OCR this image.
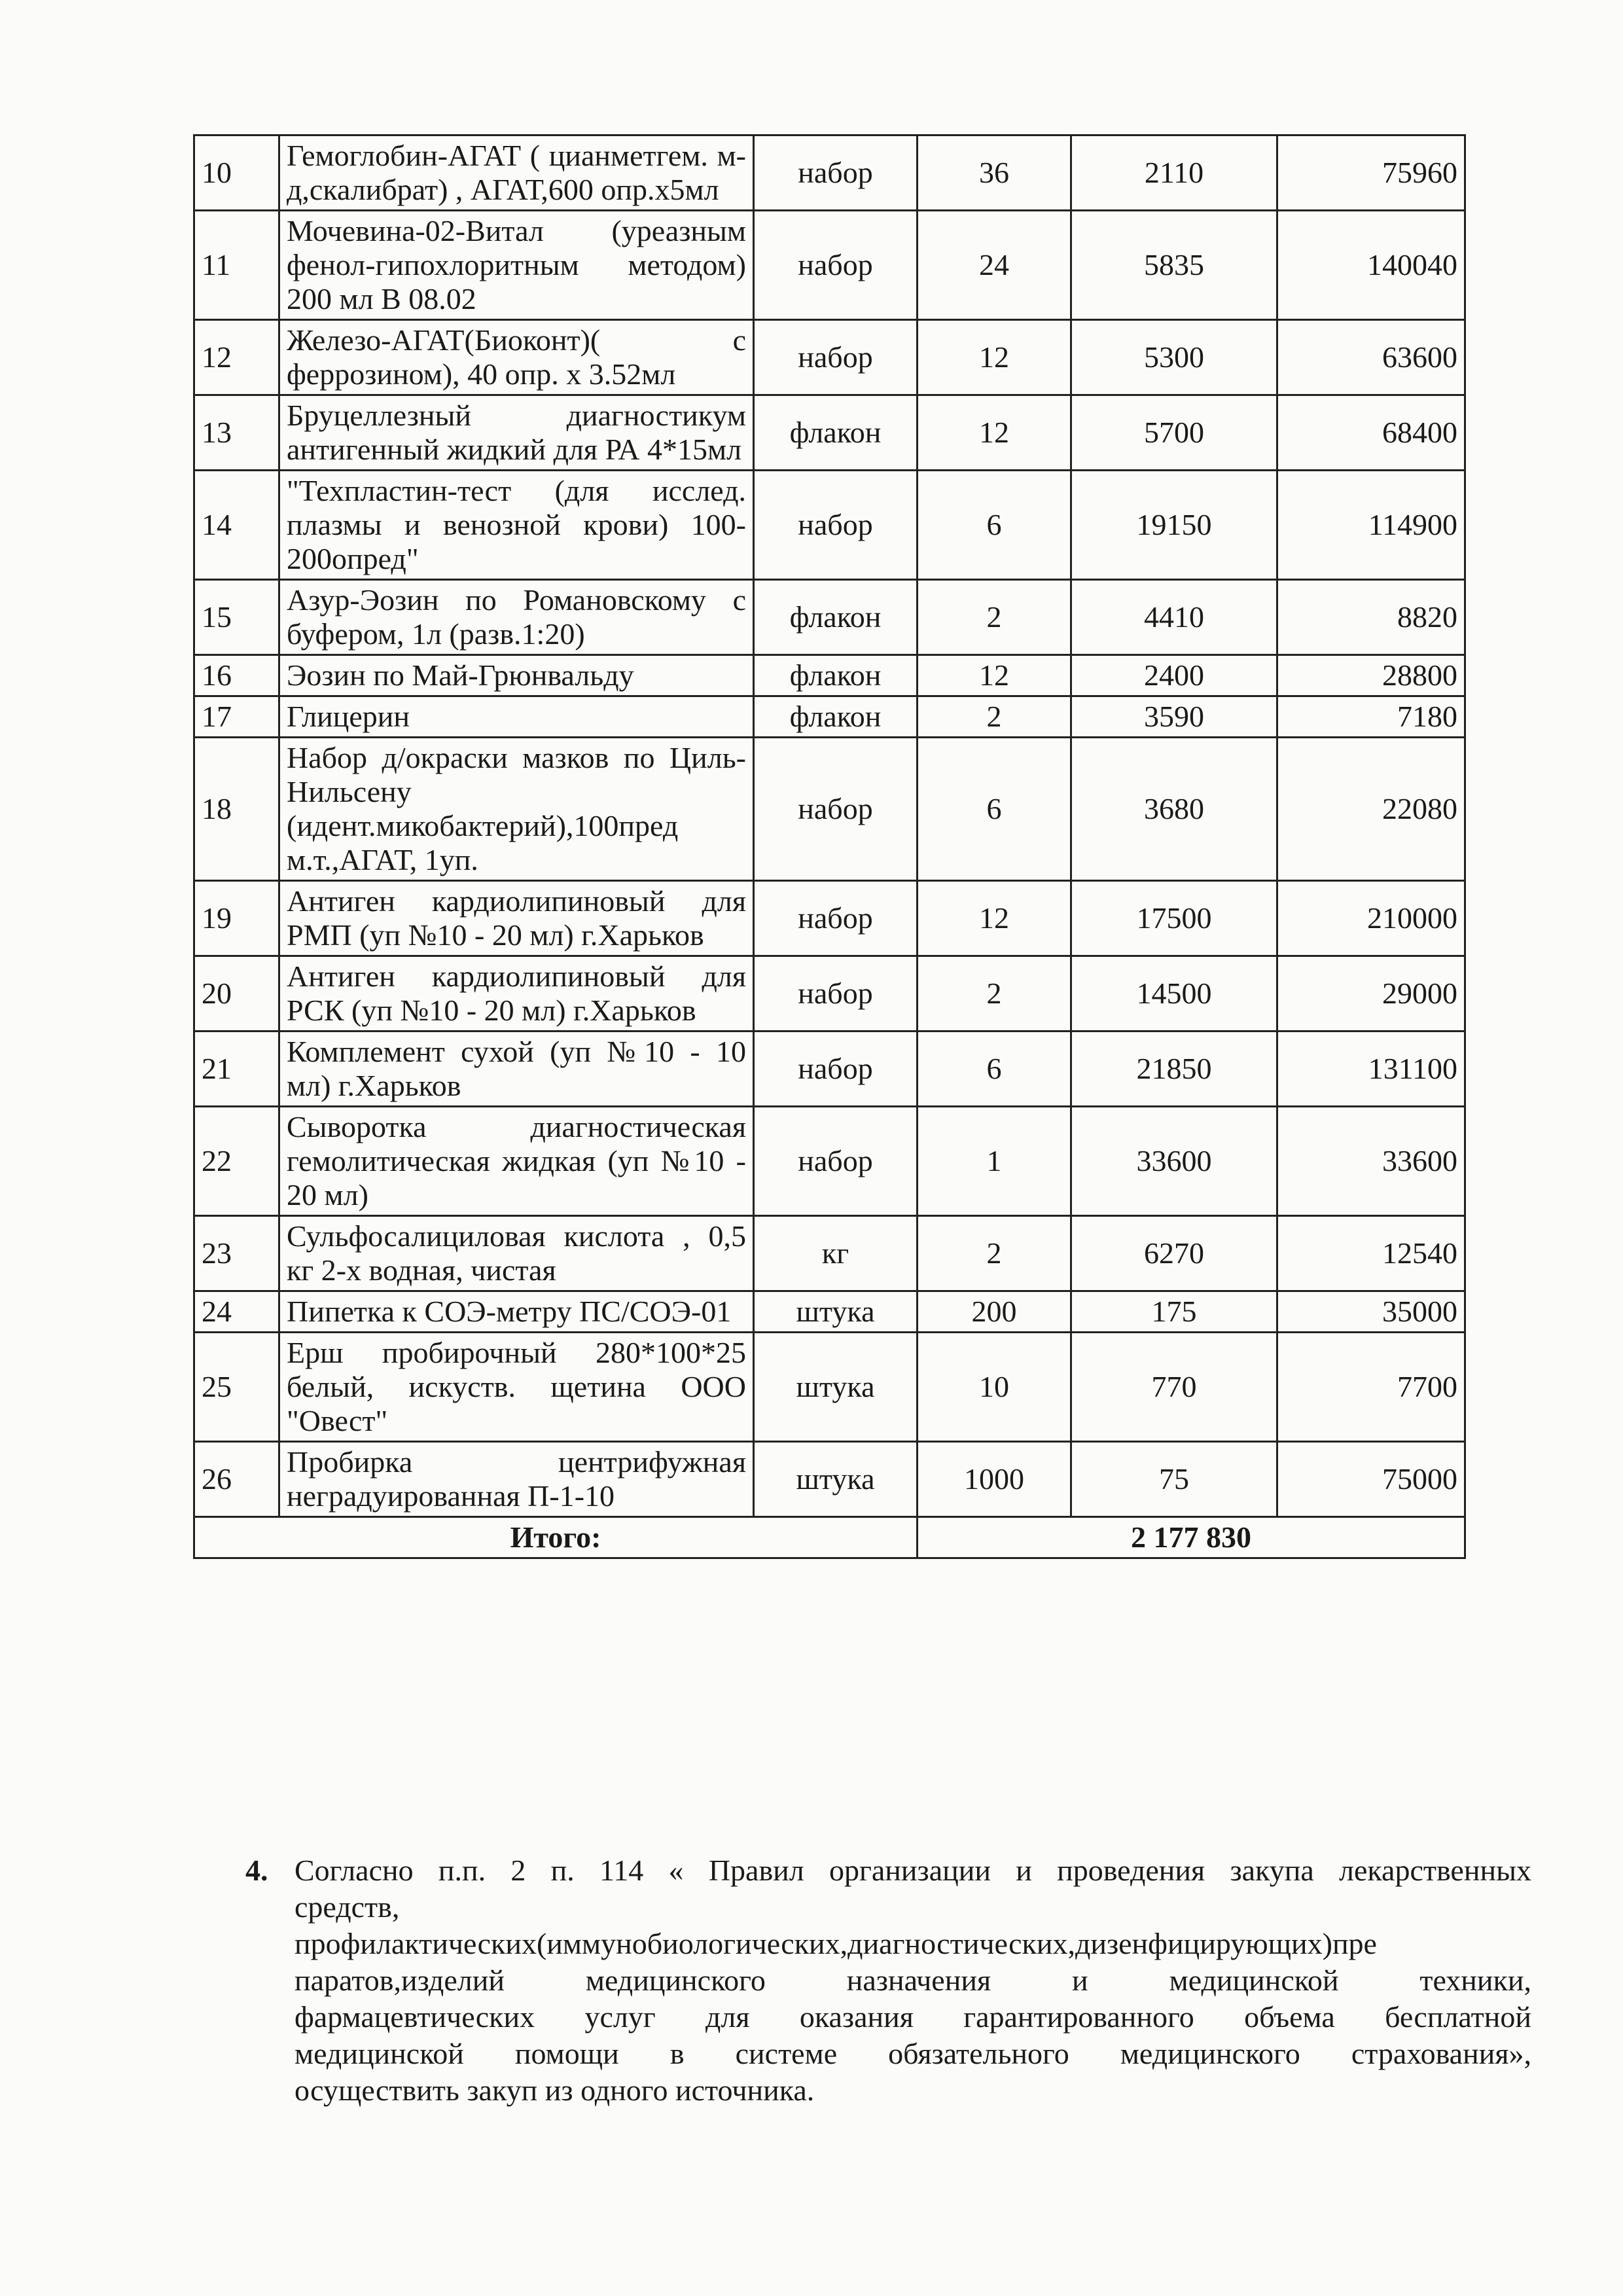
10	Гемоглобин-АГАТ ( цианметгем. м-д,скалибрат) , АГАТ,600 опр.х5мл	набор	36	2110	75960
11	Мочевина-02-Витал (уреазным фенол-гипохлоритным методом) 200 мл В 08.02	набор	24	5835	140040
12	Железо-АГАТ(Биоконт)( с феррозином), 40 опр. х 3.52мл	набор	12	5300	63600
13	Бруцеллезный диагностикум антигенный жидкий для РА 4*15мл	флакон	12	5700	68400
14	"Техпластин-тест (для исслед. плазмы и венозной крови) 100-200опред"	набор	6	19150	114900
15	Азур-Эозин по Романовскому с буфером, 1л (разв.1:20)	флакон	2	4410	8820
16	Эозин по Май-Грюнвальду	флакон	12	2400	28800
17	Глицерин	флакон	2	3590	7180
18	Набор д/окраски мазков по Циль-Нильсену (идент.микобактерий),100пред м.т.,АГАТ, 1уп.	набор	6	3680	22080
19	Антиген кардиолипиновый для РМП (уп №10 - 20 мл) г.Харьков	набор	12	17500	210000
20	Антиген кардиолипиновый для РСК (уп №10 - 20 мл) г.Харьков	набор	2	14500	29000
21	Комплемент сухой (уп №10 - 10 мл) г.Харьков	набор	6	21850	131100
22	Сыворотка диагностическая гемолитическая жидкая (уп №10 - 20 мл)	набор	1	33600	33600
23	Сульфосалициловая кислота , 0,5 кг 2-х водная, чистая	кг	2	6270	12540
24	Пипетка к СОЭ-метру ПС/СОЭ-01	штука	200	175	35000
25	Ерш пробирочный 280*100*25 белый, искуств. щетина ООО "Овест"	штука	10	770	7700
26	Пробирка центрифужная неградуированная П-1-10	штука	1000	75	75000
Итого:			2 177 830		
4. Согласно п.п. 2 п. 114 « Правил организации и проведения закупа лекарственных
средств,
профилактических(иммунобиологических,диагностических,дизенфицирующих)пре
паратов,изделий медицинского назначения и медицинской техники,
фармацевтических услуг для оказания гарантированного объема бесплатной
медицинской помощи в системе обязательного медицинского страхования»,
осуществить закуп из одного источника.
